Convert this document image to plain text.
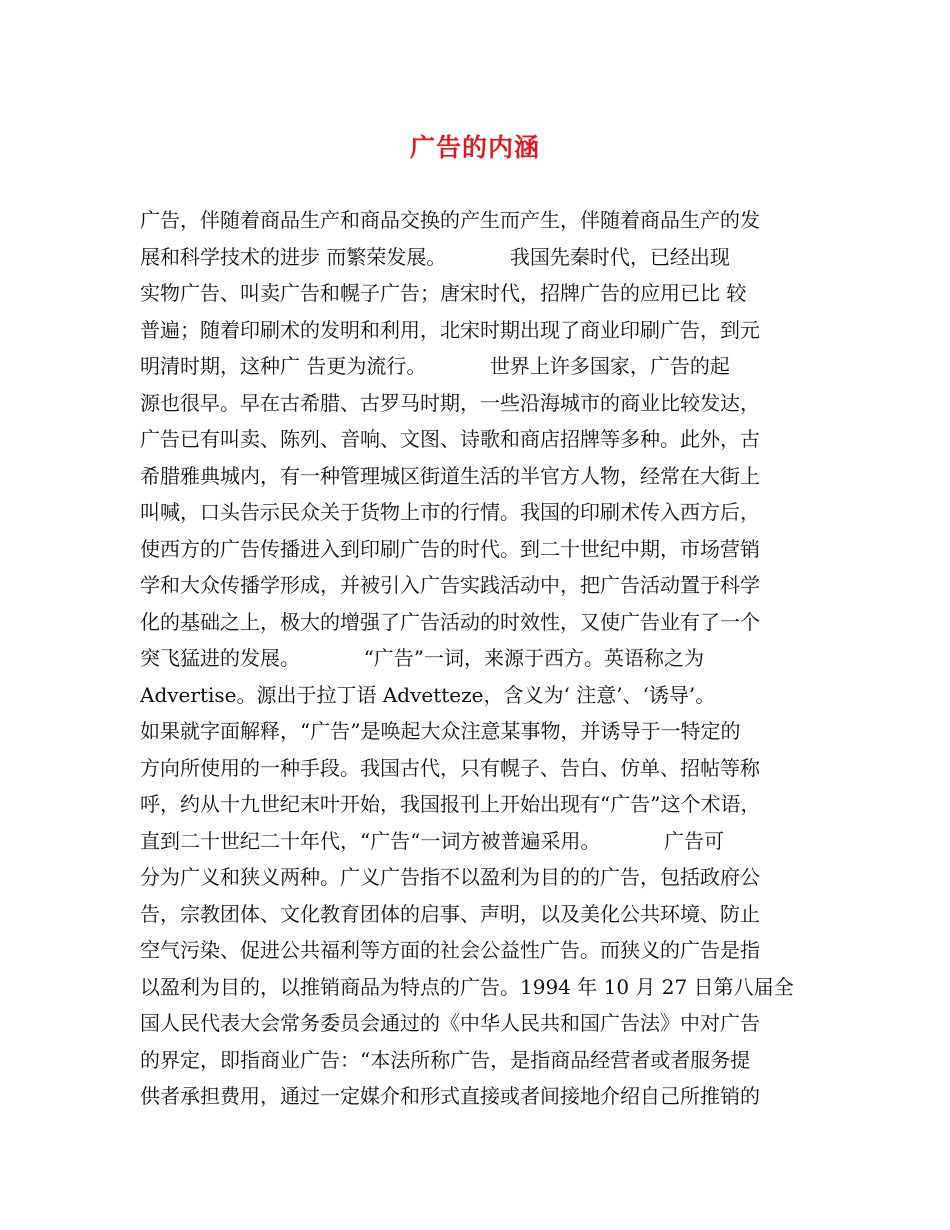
广告的内涵
广告，伴随着商品生产和商品交换的产生而产生，伴随着商品生产的发
展和科学技术的进步 而繁荣发展。          我国先秦时代，已经出现
实物广告、叫卖广告和幌子广告；唐宋时代，招牌广告的应用已比 较
普遍；随着印刷术的发明和利用，北宋时期出现了商业印刷广告，到元
明清时期，这种广 告更为流行。          世界上许多国家，广告的起
源也很早。早在古希腊、古罗马时期，一些沿海城市的商业比较发达，
广告已有叫卖、陈列、音响、文图、诗歌和商店招牌等多种。此外，古
希腊雅典城内，有一种管理城区街道生活的半官方人物，经常在大街上
叫喊，口头告示民众关于货物上市的行情。我国的印刷术传入西方后，
使西方的广告传播进入到印刷广告的时代。到二十世纪中期，市场营销
学和大众传播学形成，并被引入广告实践活动中，把广告活动置于科学
化的基础之上，极大的增强了广告活动的时效性，又使广告业有了一个
突飞猛进的发展。          “广告”一词，来源于西方。英语称之为
Advertise。源出于拉丁语 Advetteze，含义为‘ 注意’、‘诱导’。
如果就字面解释，“广告”是唤起大众注意某事物，并诱导于一特定的
方向所使用的一种手段。我国古代，只有幌子、告白、仿单、招帖等称
呼，约从十九世纪末叶开始，我国报刊上开始出现有“广告”这个术语，
直到二十世纪二十年代，“广告“一词方被普遍采用。          广告可
分为广义和狭义两种。广义广告指不以盈利为目的的广告，包括政府公
告，宗教团体、文化教育团体的启事、声明，以及美化公共环境、防止
空气污染、促进公共福利等方面的社会公益性广告。而狭义的广告是指
以盈利为目的，以推销商品为特点的广告。1994 年 10 月 27 日第八届全
国人民代表大会常务委员会通过的《中华人民共和国广告法》中对广告
的界定，即指商业广告：“本法所称广告，是指商品经营者或者服务提
供者承担费用，通过一定媒介和形式直接或者间接地介绍自己所推销的
